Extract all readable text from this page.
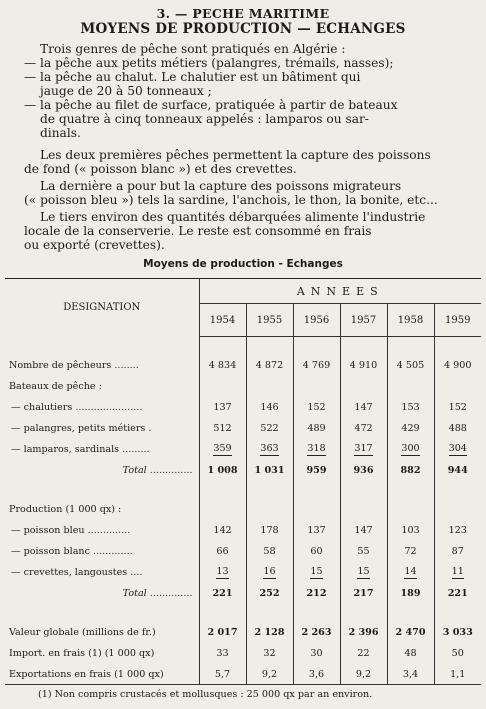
3. — PECHE MARITIME
MOYENS DE PRODUCTION — ECHANGES
Trois genres de pêche sont pratiqués en Algérie :
— la pêche aux petits métiers (palangres, trémails, nasses);
— la pêche au chalut. Le chalutier est un bâtiment qui
jauge de 20 à 50 tonneaux ;
— la pêche au filet de surface, pratiquée à partir de bateaux
de quatre à cinq tonneaux appelés : lamparos ou sar-
dinals.
Les deux premières pêches permettent la capture des poissons
de fond (« poisson blanc ») et des crevettes.
La dernière a pour but la capture des poissons migrateurs
(« poisson bleu ») tels la sardine, l'anchois, le thon, la bonite, etc...
Le tiers environ des quantités débarquées alimente l'industrie
locale de la conserverie. Le reste est consommé en frais
ou exporté (crevettes).
Moyens de production - Echanges

DESIGNATION	ANNEES					
	1954	1955	1956	1957	1958	1959

Nombre de pêcheurs ........	4 834	4 872	4 769	4 910	4 505	4 900
Bateaux de pêche :						
— chalutiers ......................	137	146	152	147	153	152
— palangres, petits métiers .	512	522	489	472	429	488
— lamparos, sardinals .........	359	363	318	317	300	304
Total ..............	1 008	1 031	959	936	882	944

Production (1 000 qx) :						
— poisson bleu ..............	142	178	137	147	103	123
— poisson blanc .............	66	58	60	55	72	87
— crevettes, langoustes ....	13	16	15	15	14	11
Total ..............	221	252	212	217	189	221

Valeur globale (millions de fr.)	2 017	2 128	2 263	2 396	2 470	3 033
Import. en frais (1) (1 000 qx)	33	32	30	22	48	50
Exportations en frais (1 000 qx)	5,7	9,2	3,6	9,2	3,4	1,1
(1) Non compris crustacés et mollusques : 25 000 qx par an environ.
